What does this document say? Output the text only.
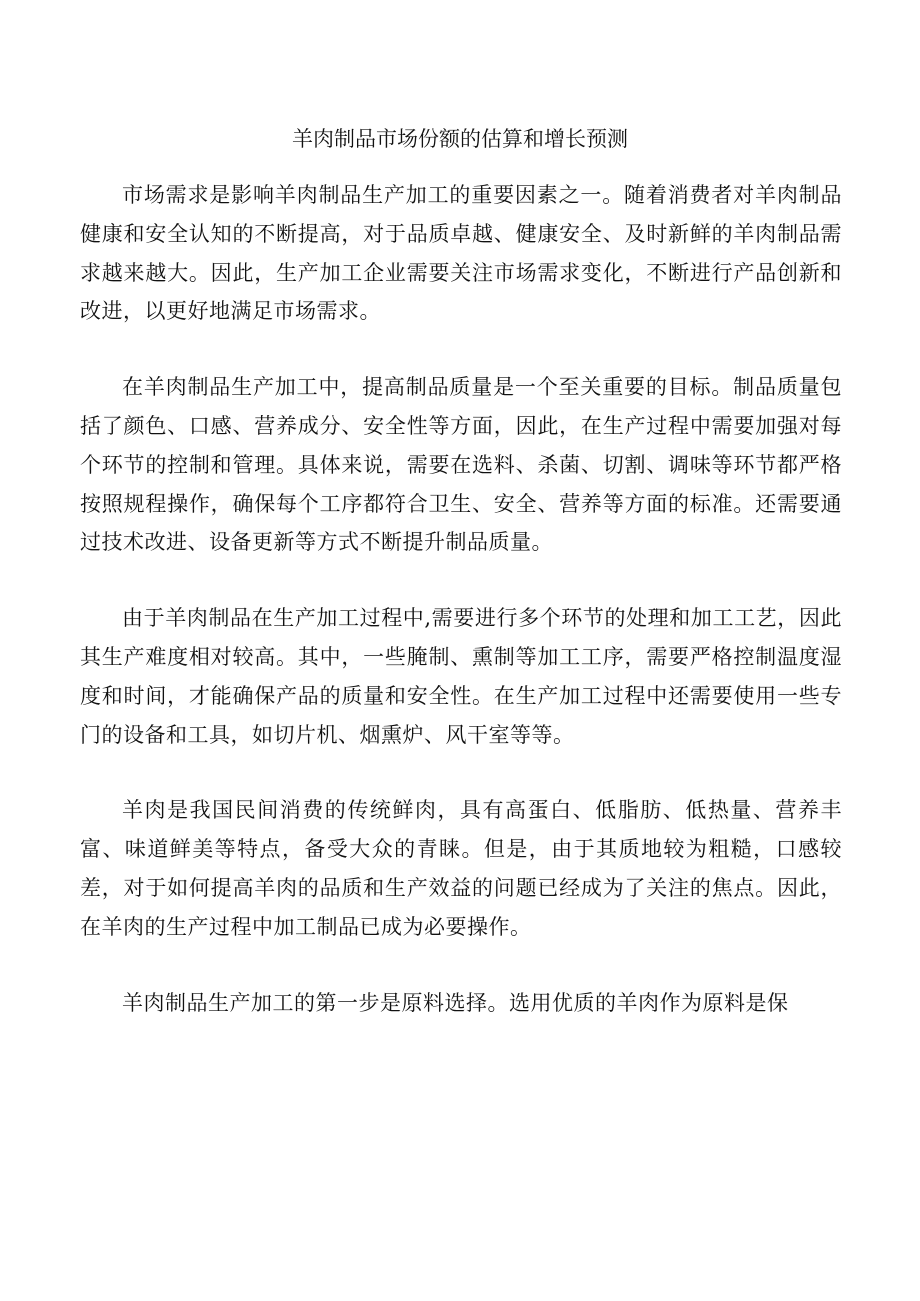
羊肉制品市场份额的估算和增长预测

市场需求是影响羊肉制品生产加工的重要因素之一。随着消费者对羊肉制品健康和安全认知的不断提高，对于品质卓越、健康安全、及时新鲜的羊肉制品需求越来越大。因此，生产加工企业需要关注市场需求变化，不断进行产品创新和改进，以更好地满足市场需求。

在羊肉制品生产加工中，提高制品质量是一个至关重要的目标。制品质量包括了颜色、口感、营养成分、安全性等方面，因此，在生产过程中需要加强对每个环节的控制和管理。具体来说，需要在选料、杀菌、切割、调味等环节都严格按照规程操作，确保每个工序都符合卫生、安全、营养等方面的标准。还需要通过技术改进、设备更新等方式不断提升制品质量。

由于羊肉制品在生产加工过程中,需要进行多个环节的处理和加工工艺，因此其生产难度相对较高。其中，一些腌制、熏制等加工工序，需要严格控制温度湿度和时间，才能确保产品的质量和安全性。在生产加工过程中还需要使用一些专门的设备和工具，如切片机、烟熏炉、风干室等等。

羊肉是我国民间消费的传统鲜肉，具有高蛋白、低脂肪、低热量、营养丰富、味道鲜美等特点，备受大众的青睐。但是，由于其质地较为粗糙，口感较差，对于如何提高羊肉的品质和生产效益的问题已经成为了关注的焦点。因此，在羊肉的生产过程中加工制品已成为必要操作。

羊肉制品生产加工的第一步是原料选择。选用优质的羊肉作为原料是保
